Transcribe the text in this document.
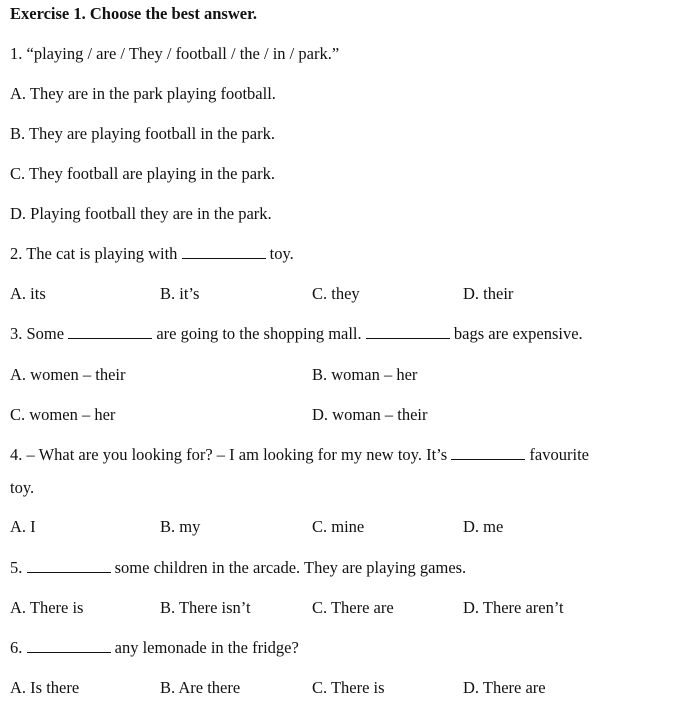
Exercise 1. Choose the best answer.
1. “playing / are / They / football / the / in / park.”
A. They are in the park playing football.
B. They are playing football in the park.
C. They football are playing in the park.
D. Playing football they are in the park.
2. The cat is playing with	toy.
A. its	B. it’s	C. they	D. their
3. Some	are going to the shopping mall.	bags are expensive.
A. women – their	B. woman – her
C. women – her	D. woman – their
4. – What are you looking for? – I am looking for my new toy. It’s	favourite
toy.
A. I	B. my	C. mine	D. me
5.	some children in the arcade. They are playing games.
A. There is	B. There isn’t	C. There are	D. There aren’t
6.	any lemonade in the fridge?
A. Is there	B. Are there	C. There is	D. There are
